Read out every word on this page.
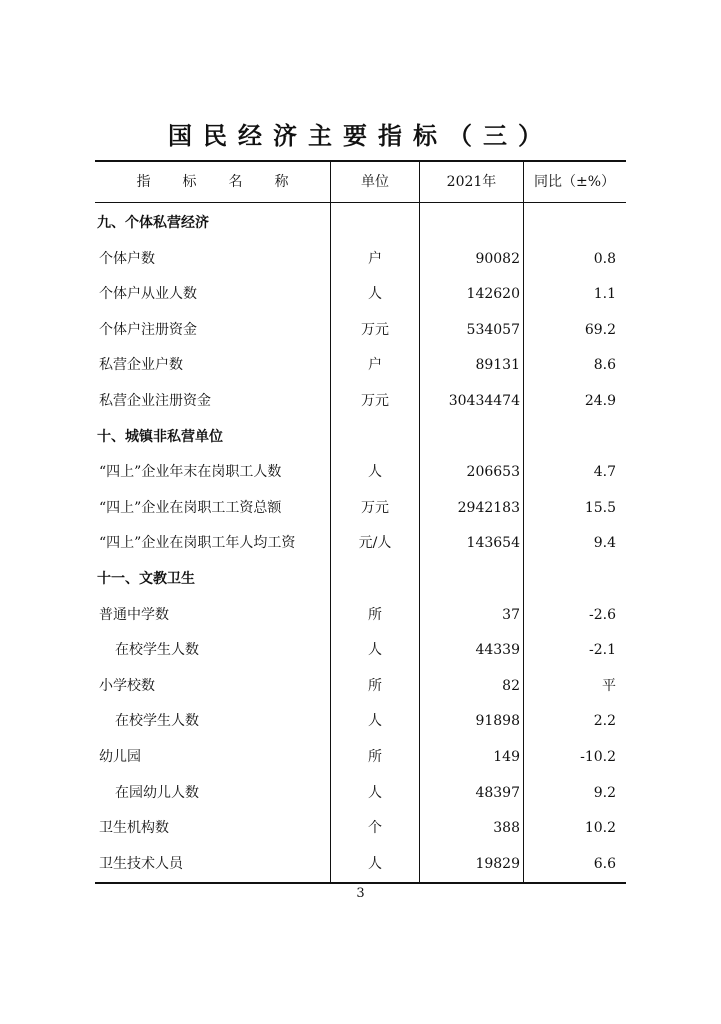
国民经济主要指标（三）
指 标 名 称	单位	2021年	同比（±%）
九、个体私营经济
个体户数	户	90082	0.8
个体户从业人数	人	142620	1.1
个体户注册资金	万元	534057	69.2
私营企业户数	户	89131	8.6
私营企业注册资金	万元	30434474	24.9
十、城镇非私营单位
“四上”企业年末在岗职工人数	人	206653	4.7
“四上”企业在岗职工工资总额	万元	2942183	15.5
“四上”企业在岗职工年人均工资	元/人	143654	9.4
十一、文教卫生
普通中学数	所	37	-2.6
在校学生人数	人	44339	-2.1
小学校数	所	82	平
在校学生人数	人	91898	2.2
幼儿园	所	149	-10.2
在园幼儿人数	人	48397	9.2
卫生机构数	个	388	10.2
卫生技术人员	人	19829	6.6
3
